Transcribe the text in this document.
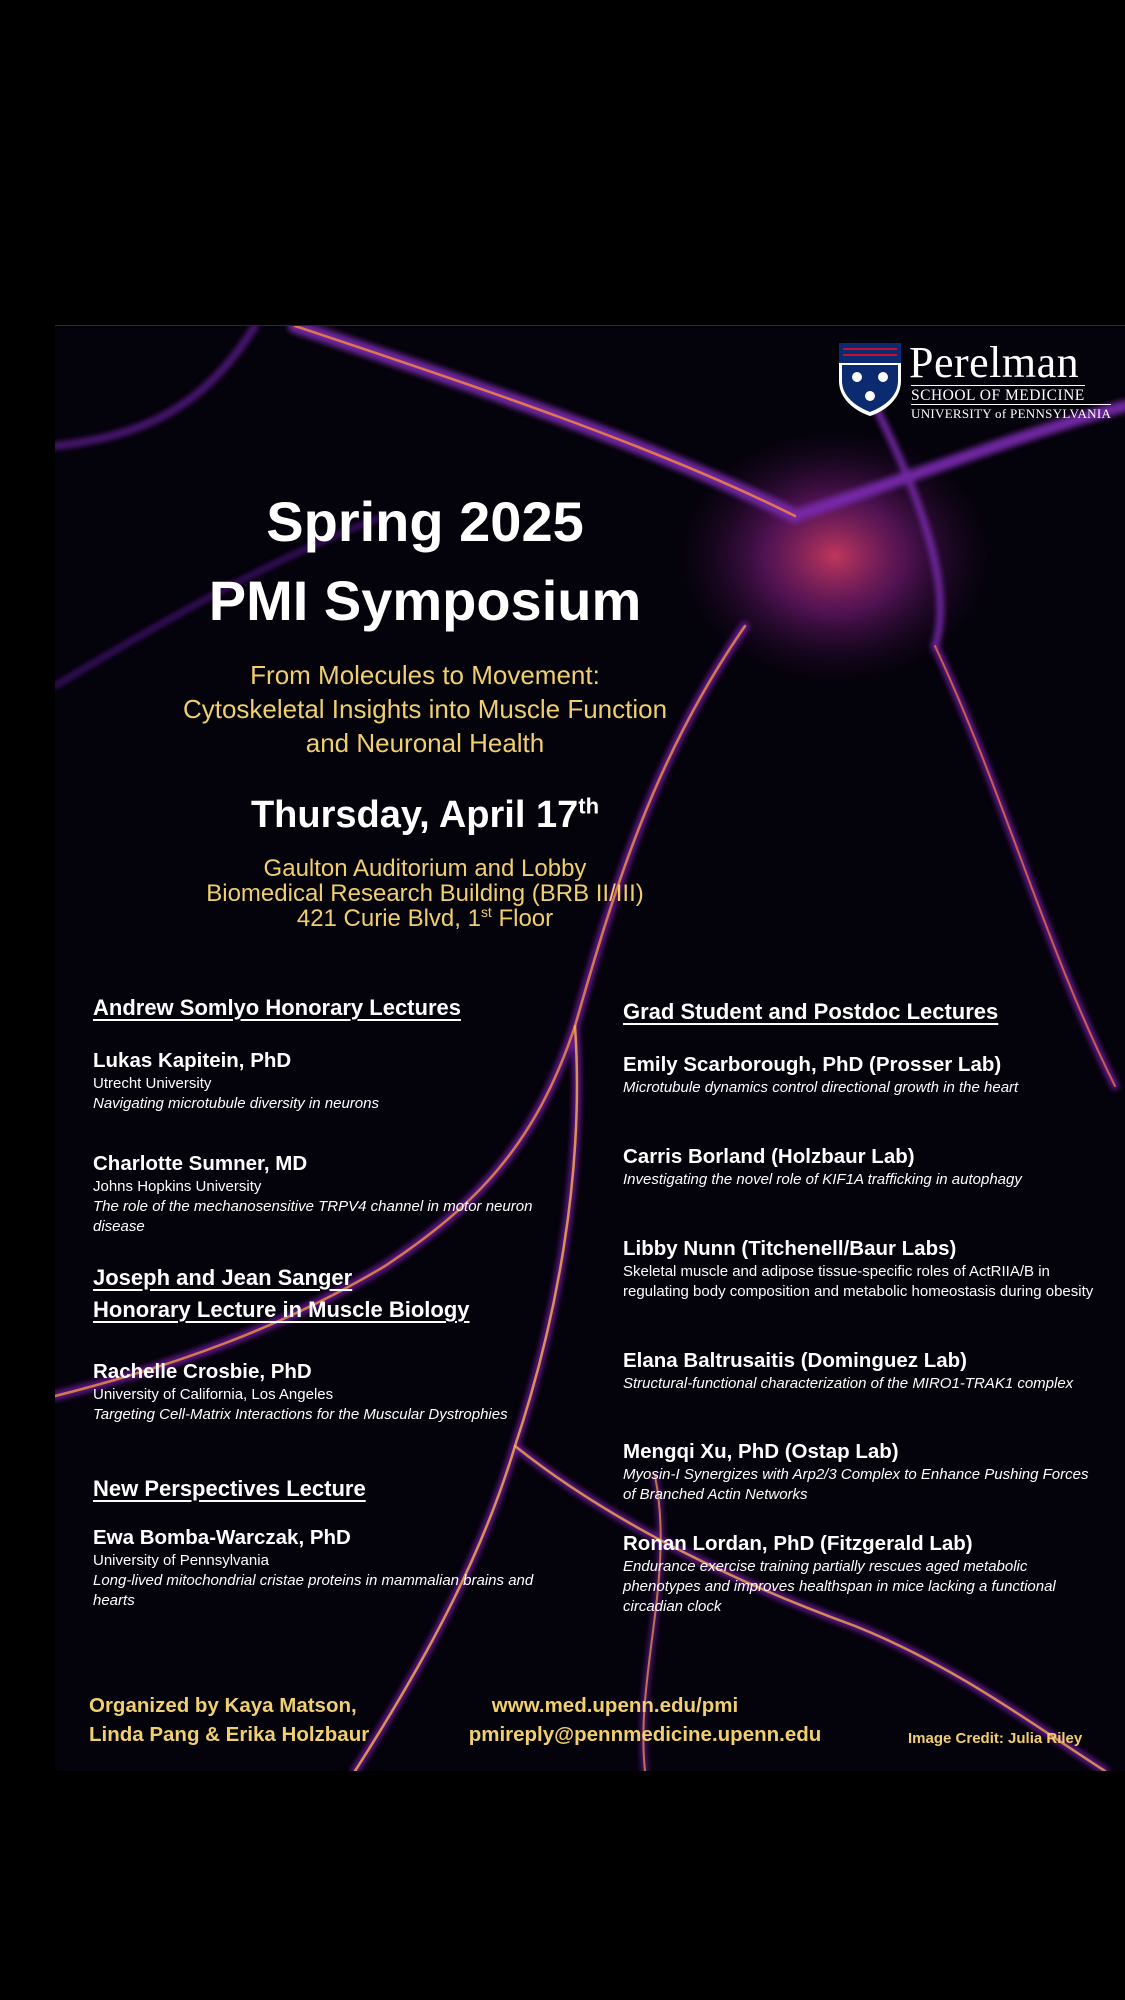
Perelman
SCHOOL OF MEDICINE
UNIVERSITY of PENNSYLVANIA
Spring 2025
PMI Symposium
From Molecules to Movement:
Cytoskeletal Insights into Muscle Function
and Neuronal Health
Thursday, April 17th
Gaulton Auditorium and Lobby
Biomedical Research Building (BRB II/III)
421 Curie Blvd, 1st Floor
Andrew Somlyo Honorary Lectures
Lukas Kapitein, PhD
Utrecht University
Navigating microtubule diversity in neurons
Charlotte Sumner, MD
Johns Hopkins University
The role of the mechanosensitive TRPV4 channel in motor neuron disease
Joseph and Jean Sanger
Honorary Lecture in Muscle Biology
Rachelle Crosbie, PhD
University of California, Los Angeles
Targeting Cell-Matrix Interactions for the Muscular Dystrophies
New Perspectives Lecture
Ewa Bomba-Warczak, PhD
University of Pennsylvania
Long-lived mitochondrial cristae proteins in mammalian brains and hearts
Grad Student and Postdoc Lectures
Emily Scarborough, PhD (Prosser Lab)
Microtubule dynamics control directional growth in the heart
Carris Borland (Holzbaur Lab)
Investigating the novel role of KIF1A trafficking in autophagy
Libby Nunn (Titchenell/Baur Labs)
Skeletal muscle and adipose tissue-specific roles of ActRIIA/B in regulating body composition and metabolic homeostasis during obesity
Elana Baltrusaitis (Dominguez Lab)
Structural-functional characterization of the MIRO1-TRAK1 complex
Mengqi Xu, PhD (Ostap Lab)
Myosin-I Synergizes with Arp2/3 Complex to Enhance Pushing Forces of Branched Actin Networks
Ronan Lordan, PhD (Fitzgerald Lab)
Endurance exercise training partially rescues aged metabolic phenotypes and improves healthspan in mice lacking a functional circadian clock
Organized by Kaya Matson,
Linda Pang & Erika Holzbaur
www.med.upenn.edu/pmi
pmireply@pennmedicine.upenn.edu	Image Credit: Julia Riley
